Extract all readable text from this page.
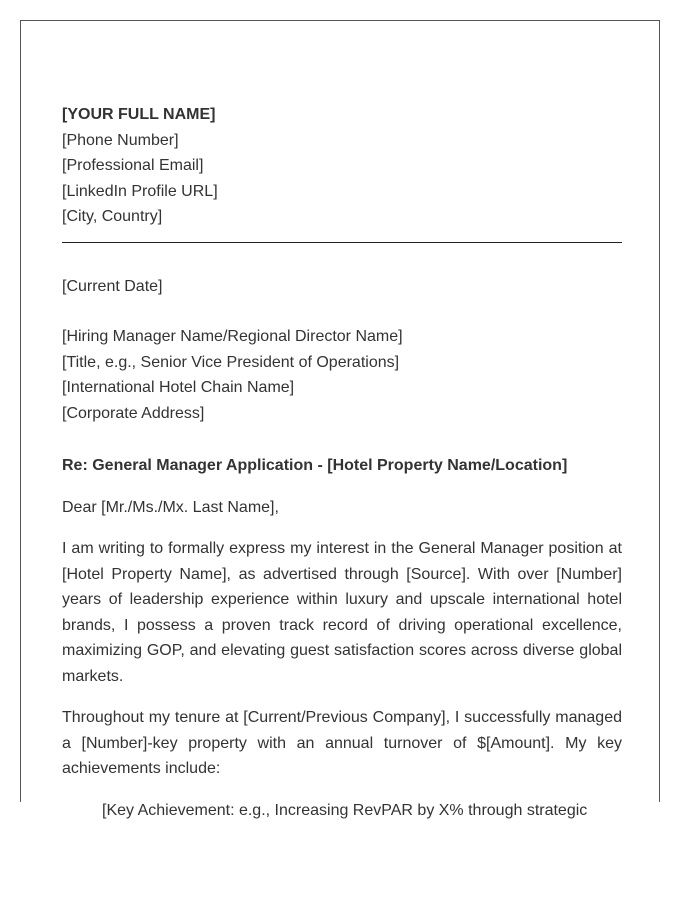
[YOUR FULL NAME]
[Phone Number]
[Professional Email]
[LinkedIn Profile URL]
[City, Country]
[Current Date]
[Hiring Manager Name/Regional Director Name]
[Title, e.g., Senior Vice President of Operations]
[International Hotel Chain Name]
[Corporate Address]
Re: General Manager Application - [Hotel Property Name/Location]
Dear [Mr./Ms./Mx. Last Name],
I am writing to formally express my interest in the General Manager position at [Hotel Property Name], as advertised through [Source]. With over [Number] years of leadership experience within luxury and upscale international hotel brands, I possess a proven track record of driving operational excellence, maximizing GOP, and elevating guest satisfaction scores across diverse global markets.
Throughout my tenure at [Current/Previous Company], I successfully managed a [Number]-key property with an annual turnover of $[Amount]. My key achievements include:
[Key Achievement: e.g., Increasing RevPAR by X% through strategic
